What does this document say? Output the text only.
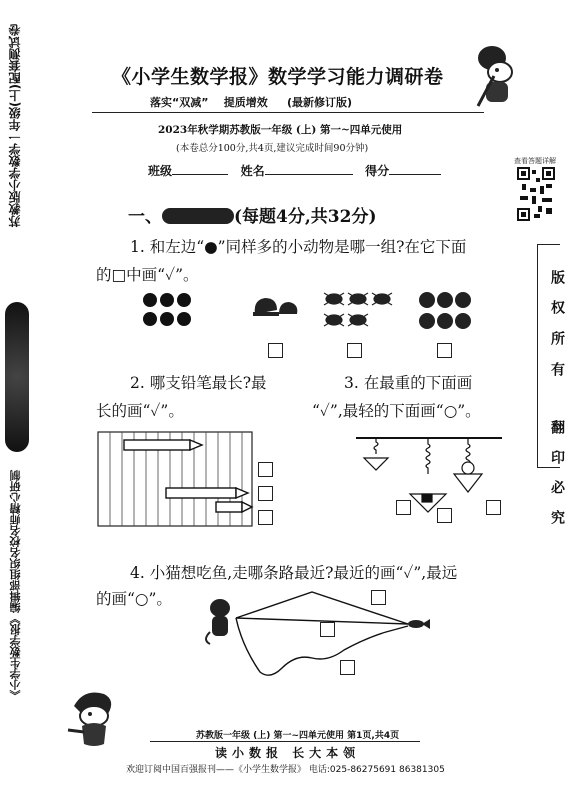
苏教版小学数学一年级(上)配套测试卷
《小学生数学报》编辑部组织名校名师精心研制
《小学生数学报》数学学习能力调研卷
落实“双减” 提质增效 (最新修订版)
2023年秋学期苏教版一年级 (上) 第一~四单元使用
(本卷总分100分,共4页,建议完成时间90分钟)
班级	姓名	得分
查看答题详解
版
权
所
有
翻
印
必
究
一、	(每题4分,共32分)
1. 和左边“●”同样多的小动物是哪一组?在它下面
的□中画“✓”。
2. 哪支铅笔最长?最
长的画“✓”。
3. 在最重的下面画
“✓”,最轻的下面画“○”。
4. 小猫想吃鱼,走哪条路最近?最近的画“✓”,最远
的画“○”。
苏教版一年级 (上) 第一~四单元使用 第1页,共4页
读小数报 长大本领
欢迎订阅中国百强报刊——《小学生数学报》 电话:025-86275691 86381305
